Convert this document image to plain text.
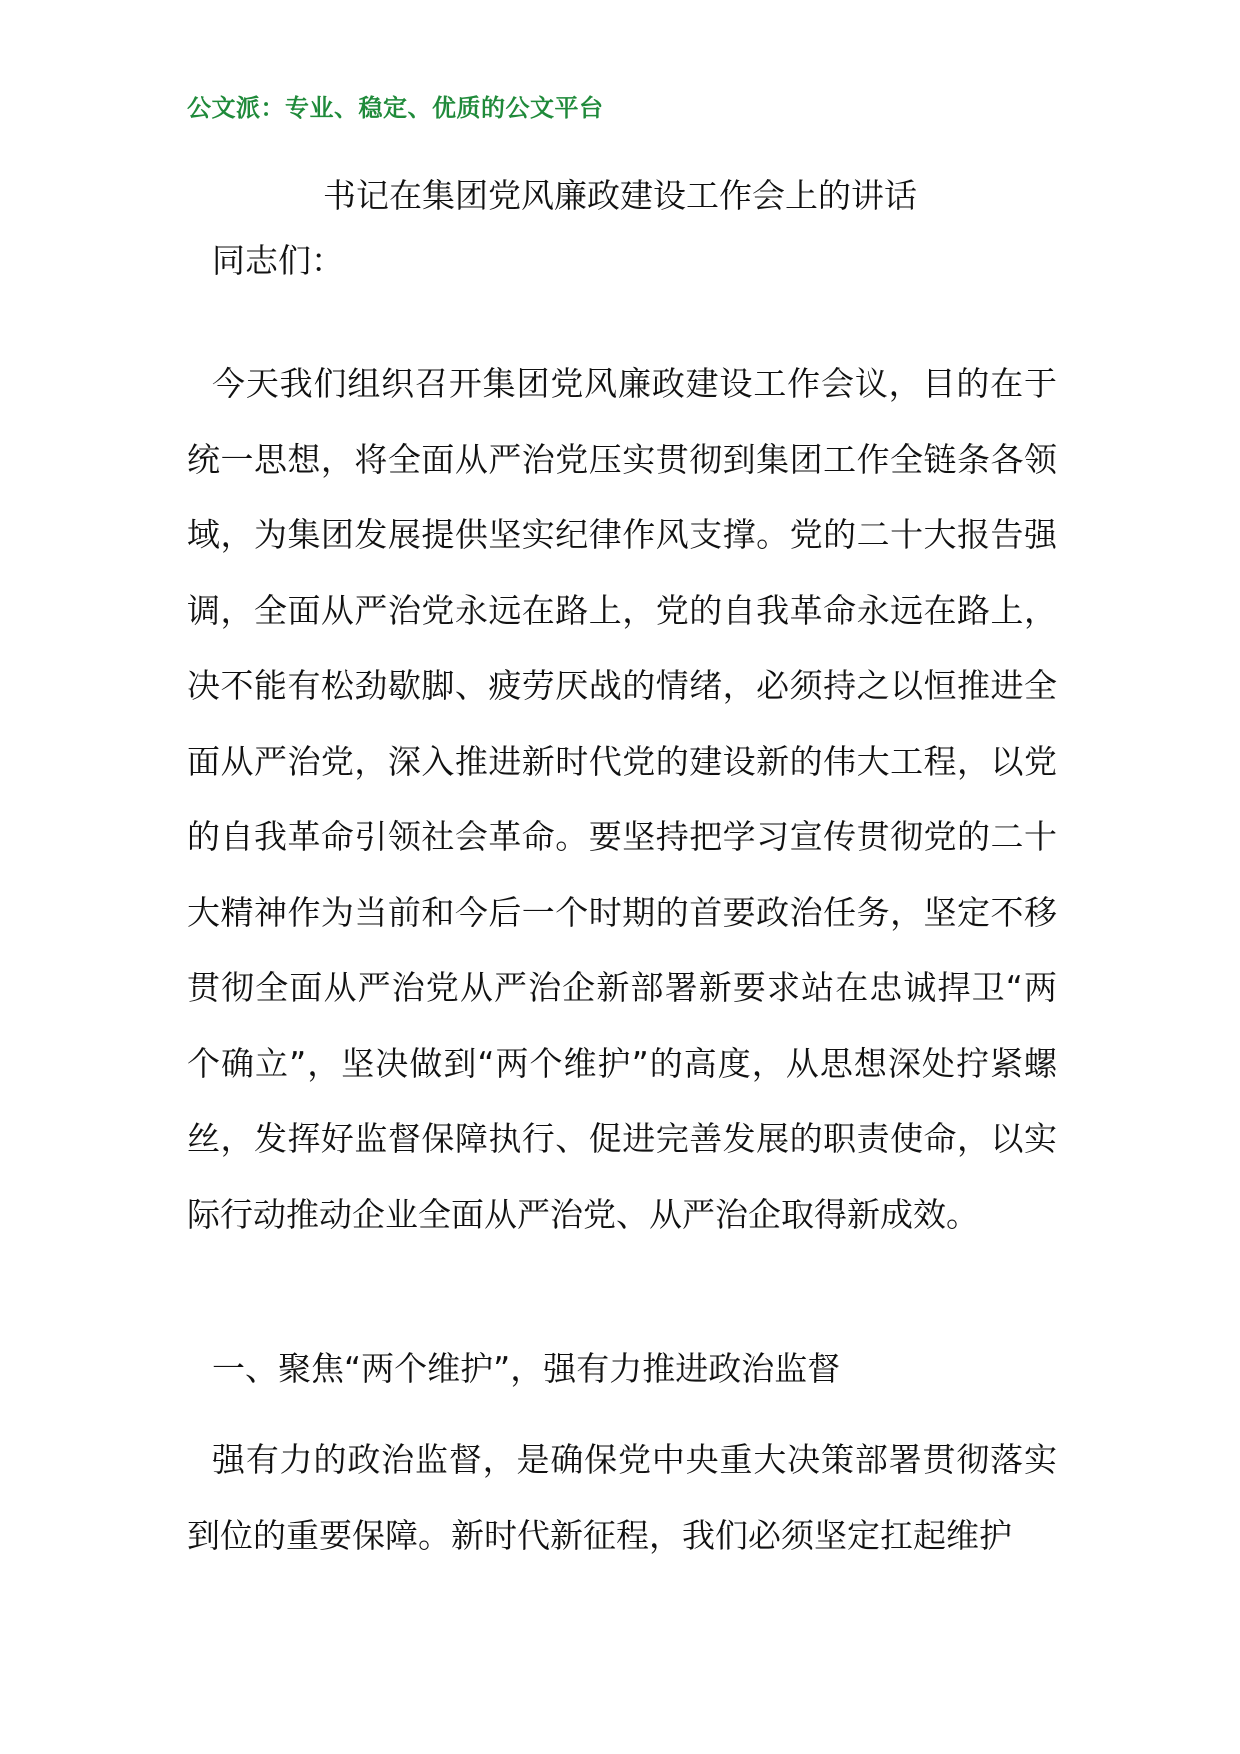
公文派：专业、稳定、优质的公文平台
书记在集团党风廉政建设工作会上的讲话
同志们：

今天我们组织召开集团党风廉政建设工作会议，目的在于统一思想，将全面从严治党压实贯彻到集团工作全链条各领域，为集团发展提供坚实纪律作风支撑。党的二十大报告强调，全面从严治党永远在路上，党的自我革命永远在路上，决不能有松劲歇脚、疲劳厌战的情绪，必须持之以恒推进全面从严治党，深入推进新时代党的建设新的伟大工程，以党的自我革命引领社会革命。要坚持把学习宣传贯彻党的二十大精神作为当前和今后一个时期的首要政治任务，坚定不移贯彻全面从严治党从严治企新部署新要求站在忠诚捍卫“两个确立”，坚决做到“两个维护”的高度，从思想深处拧紧螺丝，发挥好监督保障执行、促进完善发展的职责使命，以实际行动推动企业全面从严治党、从严治企取得新成效。

一、聚焦“两个维护”，强有力推进政治监督

强有力的政治监督，是确保党中央重大决策部署贯彻落实到位的重要保障。新时代新征程，我们必须坚定扛起维护
